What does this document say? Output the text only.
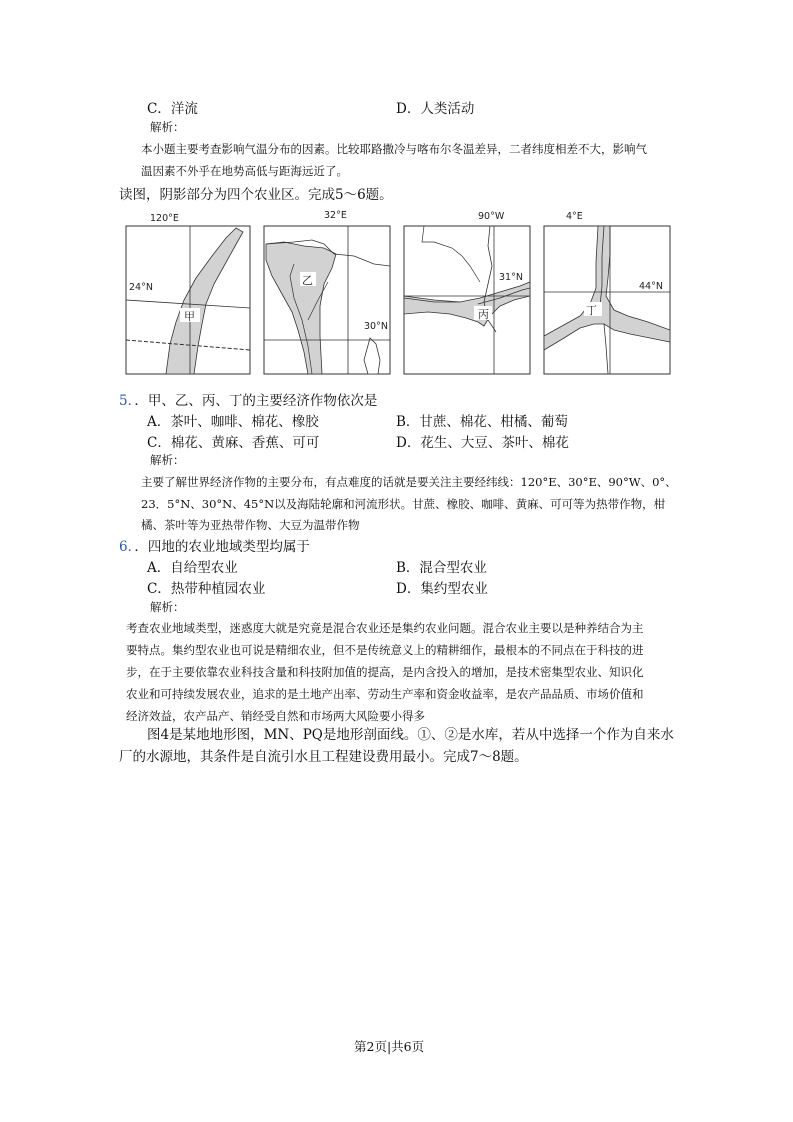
C．洋流	D．人类活动
解析：
本小题主要考查影响气温分布的因素。比较耶路撒冷与喀布尔冬温差异，二者纬度相差不大，影响气
温因素不外乎在地势高低与距海远近了。
读图，阴影部分为四个农业区。完成5～6题。
120°E
24°N
甲
32°E
30°N
乙
90°W
31°N
丙
4°E
44°N
丁
5．．甲、乙、丙、丁的主要经济作物依次是
A．茶叶、咖啡、棉花、橡胶	B．甘蔗、棉花、柑橘、葡萄
C．棉花、黄麻、香蕉、可可	D．花生、大豆、茶叶、棉花
解析：
主要了解世界经济作物的主要分布，有点难度的话就是要关注主要经纬线：120°E、30°E、90°W、0°、
23．5°N、30°N、45°N以及海陆轮廓和河流形状。甘蔗、橡胶、咖啡、黄麻、可可等为热带作物，柑
橘、茶叶等为亚热带作物、大豆为温带作物
6．．四地的农业地域类型均属于
A．自给型农业	B．混合型农业
C．热带种植园农业	D．集约型农业
解析：
考查农业地域类型，迷惑度大就是究竟是混合农业还是集约农业问题。混合农业主要以是种养结合为主
要特点。集约型农业也可说是精细农业，但不是传统意义上的精耕细作，最根本的不同点在于科技的进
步，在于主要依靠农业科技含量和科技附加值的提高，是内含投入的增加，是技术密集型农业、知识化
农业和可持续发展农业，追求的是土地产出率、劳动生产率和资金收益率，是农产品品质、市场价值和
经济效益，农产品产、销经受自然和市场两大风险要小得多
图4是某地地形图，MN、PQ是地形剖面线。①、②是水库，若从中选择一个作为自来水
厂的水源地，其条件是自流引水且工程建设费用最小。完成7～8题。
第2页|共6页
